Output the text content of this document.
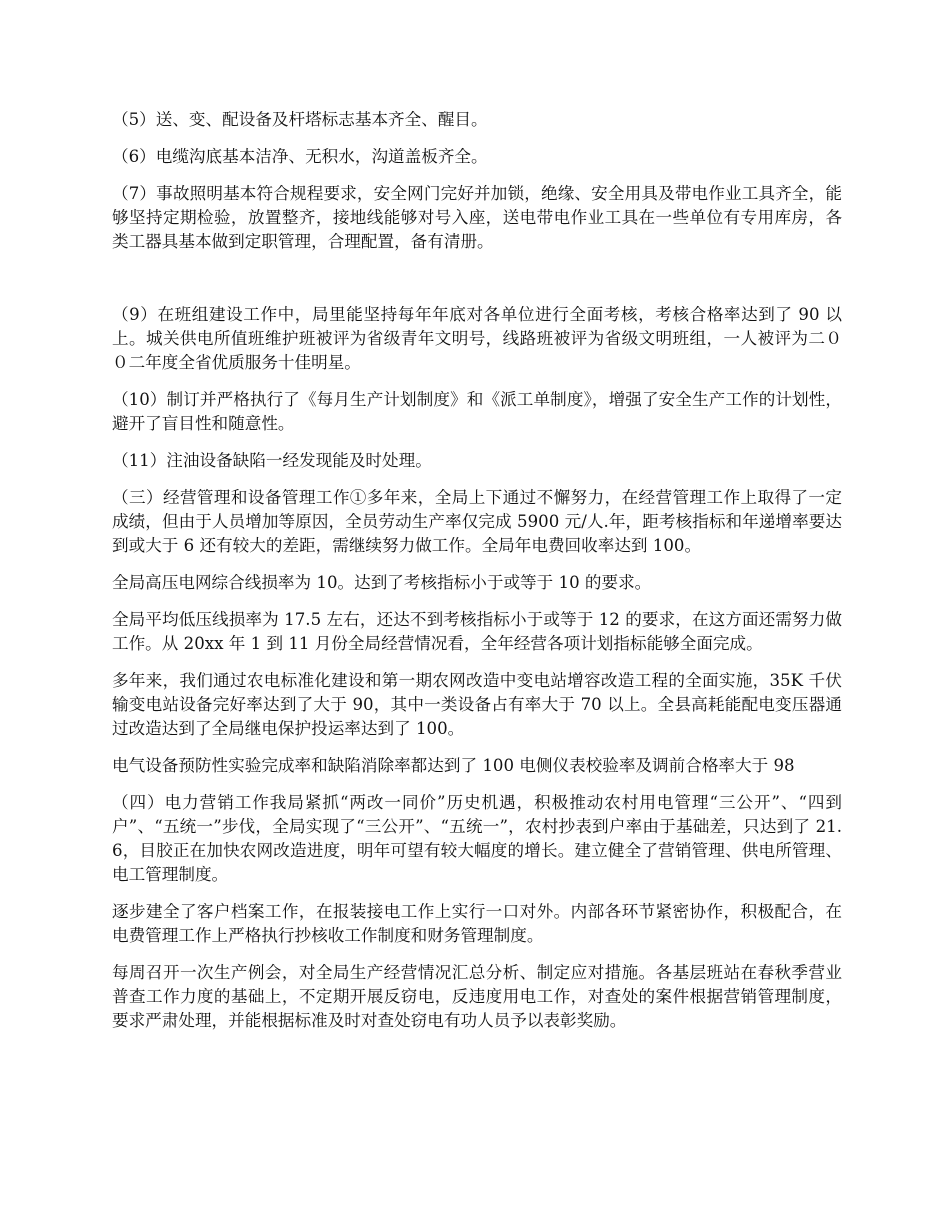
（5）送、变、配设备及杆塔标志基本齐全、醒目。

（6）电缆沟底基本洁净、无积水，沟道盖板齐全。

（7）事故照明基本符合规程要求，安全网门完好并加锁，绝缘、安全用具及带电作业工具齐全，能够坚持定期检验，放置整齐，接地线能够对号入座，送电带电作业工具在一些单位有专用库房，各类工器具基本做到定职管理，合理配置，备有清册。

（9）在班组建设工作中，局里能坚持每年年底对各单位进行全面考核，考核合格率达到了 90 以上。城关供电所值班维护班被评为省级青年文明号，线路班被评为省级文明班组，一人被评为二０ ０二年度全省优质服务十佳明星。

（10）制订并严格执行了《每月生产计划制度》和《派工单制度》，增强了安全生产工作的计划性，避开了盲目性和随意性。

（11）注油设备缺陷一经发现能及时处理。

（三）经营管理和设备管理工作①多年来，全局上下通过不懈努力，在经营管理工作上取得了一定成绩，但由于人员增加等原因，全员劳动生产率仅完成 5900 元/人.年，距考核指标和年递增率要达到或大于 6 还有较大的差距，需继续努力做工作。全局年电费回收率达到 100。

全局高压电网综合线损率为 10。达到了考核指标小于或等于 10 的要求。

全局平均低压线损率为 17.5 左右，还达不到考核指标小于或等于 12 的要求，在这方面还需努力做工作。从 20xx 年 1 到 11 月份全局经营情况看，全年经营各项计划指标能够全面完成。

多年来，我们通过农电标准化建设和第一期农网改造中变电站增容改造工程的全面实施，35K 千伏输变电站设备完好率达到了大于 90，其中一类设备占有率大于 70 以上。全县高耗能配电变压器通过改造达到了全局继电保护投运率达到了 100。

电气设备预防性实验完成率和缺陷消除率都达到了 100 电侧仪表校验率及调前合格率大于 98

（四）电力营销工作我局紧抓“两改一同价”历史机遇，积极推动农村用电管理“三公开”、“四到户”、“五统一”步伐，全局实现了“三公开”、“五统一”，农村抄表到户率由于基础差，只达到了 21.6，目胶正在加快农网改造进度，明年可望有较大幅度的增长。建立健全了营销管理、供电所管理、电工管理制度。

逐步建全了客户档案工作，在报装接电工作上实行一口对外。内部各环节紧密协作，积极配合，在电费管理工作上严格执行抄核收工作制度和财务管理制度。

每周召开一次生产例会，对全局生产经营情况汇总分析、制定应对措施。各基层班站在春秋季营业普查工作力度的基础上，不定期开展反窃电，反违度用电工作，对查处的案件根据营销管理制度，要求严肃处理，并能根据标准及时对查处窃电有功人员予以表彰奖励。
